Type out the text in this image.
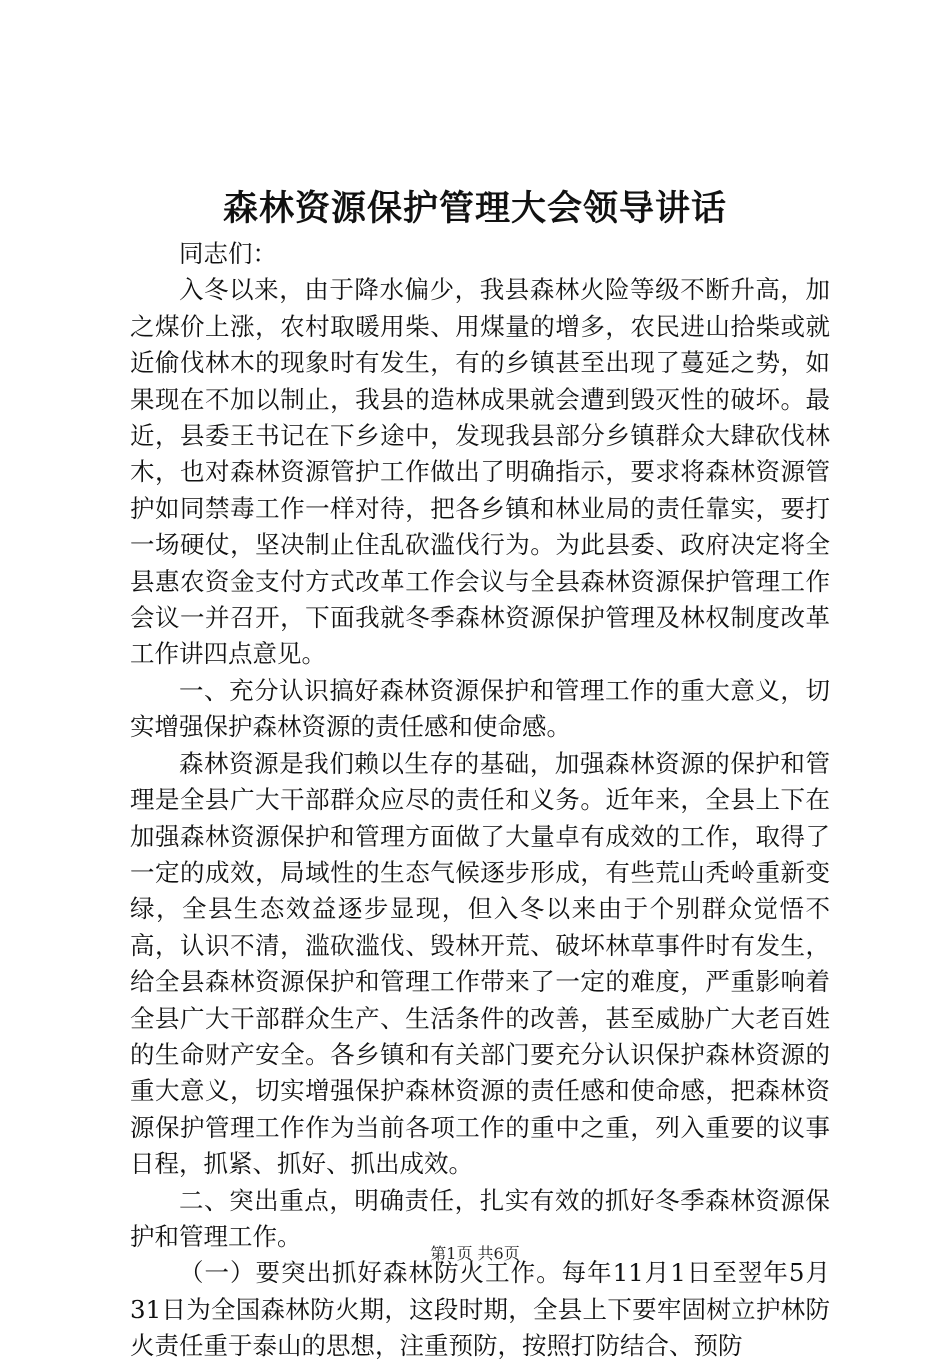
森林资源保护管理大会领导讲话

同志们：

入冬以来，由于降水偏少，我县森林火险等级不断升高，加之煤价上涨，农村取暖用柴、用煤量的增多，农民进山拾柴或就近偷伐林木的现象时有发生，有的乡镇甚至出现了蔓延之势，如果现在不加以制止，我县的造林成果就会遭到毁灭性的破坏。最近，县委王书记在下乡途中，发现我县部分乡镇群众大肆砍伐林木，也对森林资源管护工作做出了明确指示，要求将森林资源管护如同禁毒工作一样对待，把各乡镇和林业局的责任靠实，要打一场硬仗，坚决制止住乱砍滥伐行为。为此县委、政府决定将全县惠农资金支付方式改革工作会议与全县森林资源保护管理工作会议一并召开，下面我就冬季森林资源保护管理及林权制度改革工作讲四点意见。

一、充分认识搞好森林资源保护和管理工作的重大意义，切实增强保护森林资源的责任感和使命感。

森林资源是我们赖以生存的基础，加强森林资源的保护和管理是全县广大干部群众应尽的责任和义务。近年来，全县上下在加强森林资源保护和管理方面做了大量卓有成效的工作，取得了一定的成效，局域性的生态气候逐步形成，有些荒山秃岭重新变绿，全县生态效益逐步显现，但入冬以来由于个别群众觉悟不高，认识不清，滥砍滥伐、毁林开荒、破坏林草事件时有发生，给全县森林资源保护和管理工作带来了一定的难度，严重影响着全县广大干部群众生产、生活条件的改善，甚至威胁广大老百姓的生命财产安全。各乡镇和有关部门要充分认识保护森林资源的重大意义，切实增强保护森林资源的责任感和使命感，把森林资源保护管理工作作为当前各项工作的重中之重，列入重要的议事日程，抓紧、抓好、抓出成效。

二、突出重点，明确责任，扎实有效的抓好冬季森林资源保护和管理工作。

（一）要突出抓好森林防火工作。每年11月1日至翌年5月31日为全国森林防火期，这段时期，全县上下要牢固树立护林防火责任重于泰山的思想，注重预防，按照打防结合、预防

第1页 共6页
